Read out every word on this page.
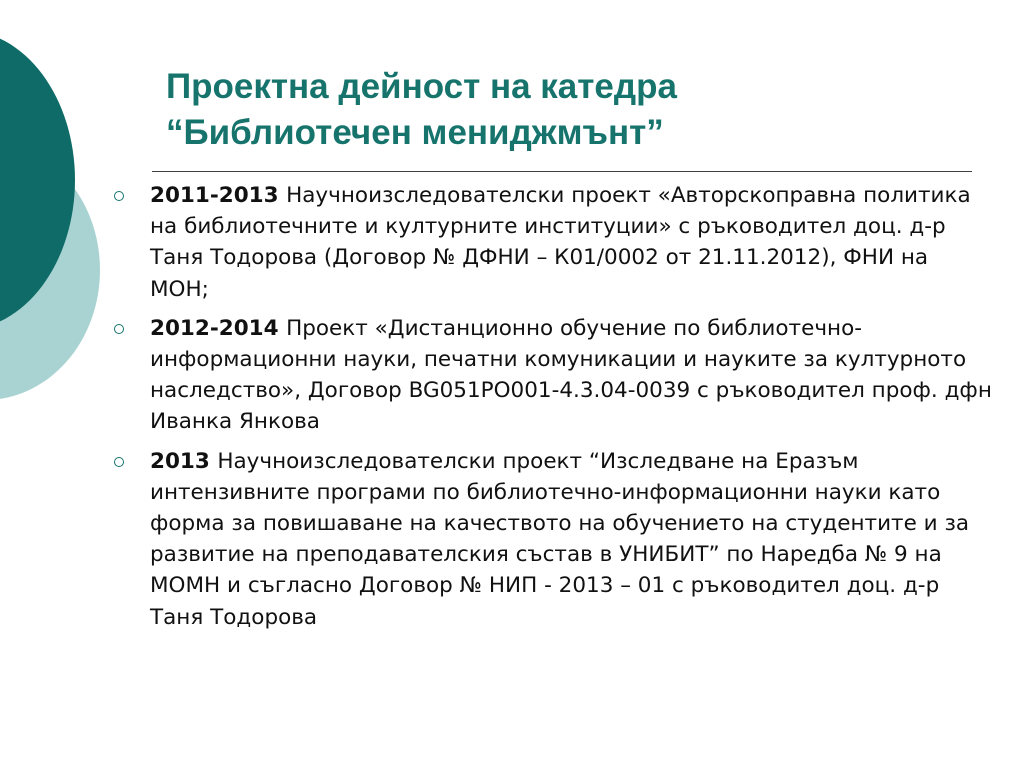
Проектна дейност на катедра
“Библиотечен мениджмънт”
2011-2013 Научноизследователски проект «Авторскоправна политика на библиотечните и културните институции» с ръководител доц. д-р Таня Тодорова (Договор № ДФНИ – К01/0002 от 21.11.2012), ФНИ на МОН;
2012-2014 Проект «Дистанционно обучение по библиотечно-информационни науки, печатни комуникации и науките за културното наследство», Договор BG051PO001-4.3.04-0039 с ръководител проф. дфн Иванка Янкова
2013 Научноизследователски проект “Изследване на Еразъм интензивните програми по библиотечно-информационни науки като форма за повишаване на качеството на обучението на студентите и за развитие на преподавателския състав в УНИБИТ” по Наредба № 9 на МОМН и съгласно Договор № НИП - 2013 – 01 с ръководител доц. д-р Таня Тодорова
